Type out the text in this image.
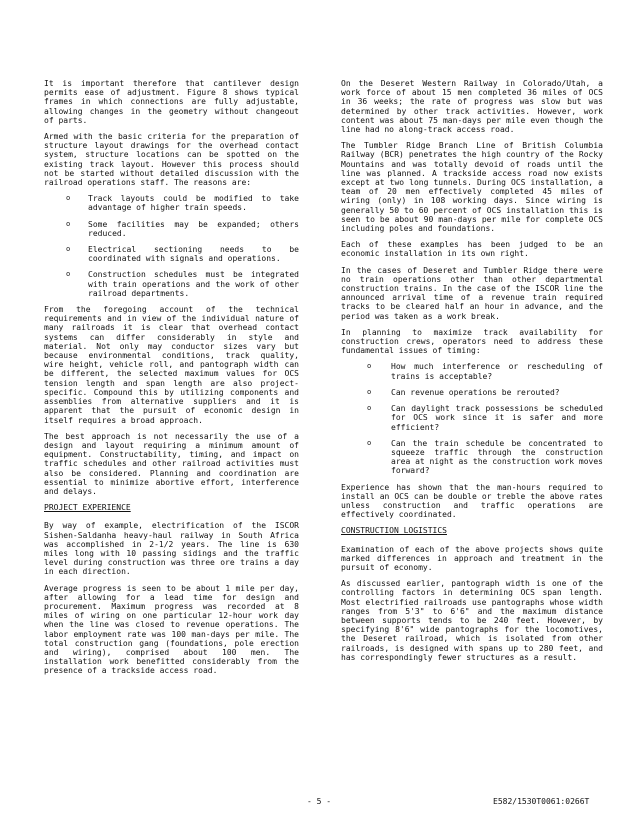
It is important therefore that cantilever design permits ease of adjustment. Figure 8 shows typical frames in which connections are fully adjustable, allowing changes in the geometry without changeout of parts.

Armed with the basic criteria for the preparation of structure layout drawings for the overhead contact system, structure locations can be spotted on the existing track layout. However this process should not be started without detailed discussion with the railroad operations staff. The reasons are:

o Track layouts could be modified to take advantage of higher train speeds.
o Some facilities may be expanded; others reduced.
o Electrical sectioning needs to be coordinated with signals and operations.
o Construction schedules must be integrated with train operations and the work of other railroad departments.

From the foregoing account of the technical requirements and in view of the individual nature of many railroads it is clear that overhead contact systems can differ considerably in style and material. Not only may conductor sizes vary but because environmental conditions, track quality, wire height, vehicle roll, and pantograph width can be different, the selected maximum values for OCS tension length and span length are also project-specific. Compound this by utilizing components and assemblies from alternative suppliers and it is apparent that the pursuit of economic design in itself requires a broad approach.

The best approach is not necessarily the use of a design and layout requiring a minimum amount of equipment. Constructability, timing, and impact on traffic schedules and other railroad activities must also be considered. Planning and coordination are essential to minimize abortive effort, interference and delays.

PROJECT EXPERIENCE

By way of example, electrification of the ISCOR Sishen-Saldanha heavy-haul railway in South Africa was accomplished in 2-1/2 years. The line is 630 miles long with 10 passing sidings and the traffic level during construction was three ore trains a day in each direction.

Average progress is seen to be about 1 mile per day, after allowing for a lead time for design and procurement. Maximum progress was recorded at 8 miles of wiring on one particular 12-hour work day when the line was closed to revenue operations. The labor employment rate was 100 man-days per mile. The total construction gang (foundations, pole erection and wiring), comprised about 100 men. The installation work benefitted considerably from the presence of a trackside access road.

On the Deseret Western Railway in Colorado/Utah, a work force of about 15 men completed 36 miles of OCS in 36 weeks; the rate of progress was slow but was determined by other track activities. However, work content was about 75 man-days per mile even though the line had no along-track access road.

The Tumbler Ridge Branch Line of British Columbia Railway (BCR) penetrates the high country of the Rocky Mountains and was totally devoid of roads until the line was planned. A trackside access road now exists except at two long tunnels. During OCS installation, a team of 20 men effectively completed 45 miles of wiring (only) in 108 working days. Since wiring is generally 50 to 60 percent of OCS installation this is seen to be about 90 man-days per mile for complete OCS including poles and foundations.

Each of these examples has been judged to be an economic installation in its own right.

In the cases of Deseret and Tumbler Ridge there were no train operations other than other departmental construction trains. In the case of the ISCOR line the announced arrival time of a revenue train required tracks to be cleared half an hour in advance, and the period was taken as a work break.

In planning to maximize track availability for construction crews, operators need to address these fundamental issues of timing:

o How much interference or rescheduling of trains is acceptable?
o Can revenue operations be rerouted?
o Can daylight track possessions be scheduled for OCS work since it is safer and more efficient?
o Can the train schedule be concentrated to squeeze traffic through the construction area at night as the construction work moves forward?

Experience has shown that the man-hours required to install an OCS can be double or treble the above rates unless construction and traffic operations are effectively coordinated.

CONSTRUCTION LOGISTICS

Examination of each of the above projects shows quite marked differences in approach and treatment in the pursuit of economy.

As discussed earlier, pantograph width is one of the controlling factors in determining OCS span length. Most electrified railroads use pantographs whose width ranges from 5'3" to 6'6" and the maximum distance between supports tends to be 240 feet. However, by specifying 8'6" wide pantographs for the locomotives, the Deseret railroad, which is isolated from other railroads, is designed with spans up to 280 feet, and has correspondingly fewer structures as a result.

- 5 -	E582/1530T0061:0266T
